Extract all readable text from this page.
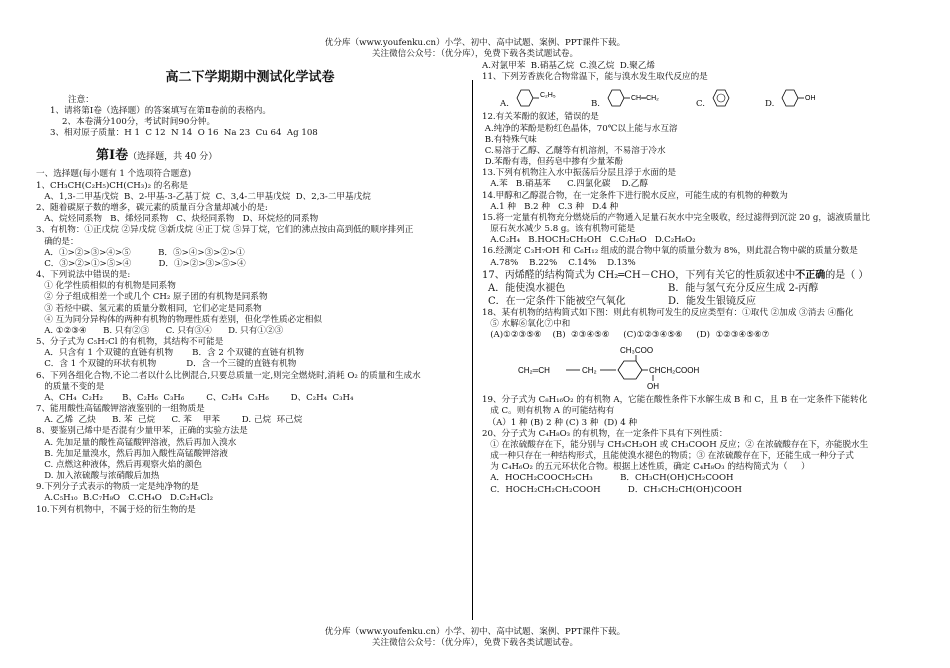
优分库（www.youfenku.cn）小学、初中、高中试题、案例、PPT课件下载。
关注微信公众号：（优分库），免费下载各类试题试卷。
高二下学期期中测试化学试卷

注意：

1、请将第Ⅰ卷（选择题）的答案填写在第Ⅱ卷前的表格内。

2、本卷满分100分，考试时间90分钟。

3、相对原子质量：H 1  C 12  N 14  O 16  Na 23  Cu 64  Ag 108

第Ⅰ卷（选择题，共 40 分）

一、选择题(每小题有 1 个选项符合题意)

1、CH₃CH(C₂H₅)CH(CH₃)₂ 的名称是

A、1,3-二甲基戊烷  B、2-甲基-3-乙基丁烷  C、3,4-二甲基戊烷  D、2,3-二甲基戊烷

2、随着碳原子数的增多，碳元素的质量百分含量却减小的是:

A、烷烃同系物   B、烯烃同系物   C、炔烃同系物   D、环烷烃的同系物

3、有机物：①正戊烷 ②异戊烷 ③新戊烷 ④正丁烷 ⑤异丁烷，它们的沸点按由高到低的顺序排列正

确的是：

A．①>②>③>④>⑤          B．⑤>④>③>②>①

C．③>②>①>⑤>④          D．①>②>③>⑤>④

4、下列说法中错误的是:

① 化学性质相似的有机物是同系物

② 分子组成相差一个或几个 CH₂ 原子团的有机物是同系物

③ 若烃中碳、氢元素的质量分数相同，它们必定是同系物

④ 互为同分异构体的两种有机物的物理性质有差别，但化学性质必定相似

A. ①②③④      B. 只有②③      C. 只有③④      D. 只有①②③

5、分子式为 C₅H₇Cl 的有机物，其结构不可能是

A．只含有 1 个双键的直链有机物       B．含 2 个双键的直链有机物

C．含 1 个双键的环状有机物           D．含一个三键的直链有机物

6、下列各组化合物,不论二者以什么比例混合,只要总质量一定,则完全燃烧时,消耗 O₂ 的质量和生成水

的质量不变的是

A、CH₄  C₂H₂       B、C₂H₆  C₃H₆        C、C₂H₄  C₃H₆        D、C₂H₄  C₃H₄

7、能用酸性高锰酸钾溶液鉴别的一组物质是

A. 乙烯  乙炔      B. 苯  己烷      C. 苯    甲苯        D. 己烷  环己烷

8、要鉴别己烯中是否混有少量甲苯，正确的实验方法是

A. 先加足量的酸性高锰酸钾溶液，然后再加入溴水

B. 先加足量溴水，然后再加入酸性高锰酸钾溶液

C. 点燃这种液体，然后再观察火焰的颜色

D. 加入浓硫酸与浓硝酸后加热

9.下列分子式表示的物质一定是纯净物的是

A.C₅H₁₀  B.C₇H₈O   C.CH₄O   D.C₂H₄Cl₂

10.下列有机物中，不属于烃的衍生物的是

A.对氯甲苯  B.硝基乙烷  C.溴乙烷  D.聚乙烯

11、下列芳香族化合物常温下，能与溴水发生取代反应的是

A.
C₂H₅
B.
CH═CH₂
C.	D.
OH

12.有关苯酚的叙述，错误的是

A.纯净的苯酚是粉红色晶体，70℃以上能与水互溶

B.有特殊气味

C.易溶于乙醇、乙醚等有机溶剂，不易溶于冷水

D.苯酚有毒，但药皂中掺有少量苯酚

13.下列有机物注入水中振荡后分层且浮于水面的是

A.苯   B.硝基苯      C.四氯化碳    D.乙醇

14.甲醇和乙醇混合物，在一定条件下进行脱水反应，可能生成的有机物的种数为

A.1 种   B.2 种   C.3 种   D.4 种

15.将一定量有机物充分燃烧后的产物通入足量石灰水中完全吸收，经过滤得到沉淀 20 g，滤液质量比

原石灰水减少 5.8 g。该有机物可能是

A.C₂H₄   B.HOCH₂CH₂OH   C.C₂H₆O   D.C₂H₆O₂

16.经测定 C₃H₇OH 和 C₆H₁₂ 组成的混合物中氧的质量分数为 8%，则此混合物中碳的质量分数是

A.78%    B.22%    C.14%    D.13%

17、丙烯醛的结构简式为 CH₂═CH－CHO，下列有关它的性质叙述中不正确的是（ ）

A．能使溴水褪色	B．能与氢气充分反应生成 2-丙醇

C．在一定条件下能被空气氧化	D．能发生银镜反应

18、某有机物的结构简式如下图：则此有机物可发生的反应类型有：①取代 ②加成 ③消去 ④酯化

⑤ 水解⑥氧化⑦中和

(A)①②③⑤⑥    (B)  ②③④⑤⑥     (C)①②③④⑤⑥     (D)  ①②③④⑤⑥⑦

CH₃COO
CH₂═CH	CH₂	CHCH₂COOH
OH

19、分子式为 C₈H₁₆O₂ 的有机物 A，它能在酸性条件下水解生成 B 和 C，且 B 在一定条件下能转化

成 C。则有机物 A 的可能结构有

（A）1 种 (B) 2 种 (C) 3 种  (D) 4 种

20、分子式为 C₄H₈O₃ 的有机物，在一定条件下具有下列性质：

① 在浓硫酸存在下，能分别与 CH₃CH₂OH 或 CH₃COOH 反应；② 在浓硫酸存在下，亦能脱水生

成一种只存在一种结构形式，且能使溴水褪色的物质；③ 在浓硫酸存在下，还能生成一种分子式

为 C₄H₆O₂ 的五元环状化合物。根据上述性质，确定 C₄H₈O₃ 的结构简式为（     ）

A．HOCH₂COOCH₂CH₃          B．CH₃CH(OH)CH₂COOH

C．HOCH₂CH₂CH₂COOH          D．CH₃CH₂CH(OH)COOH

优分库（www.youfenku.cn）小学、初中、高中试题、案例、PPT课件下载。
关注微信公众号：（优分库），免费下载各类试题试卷。
